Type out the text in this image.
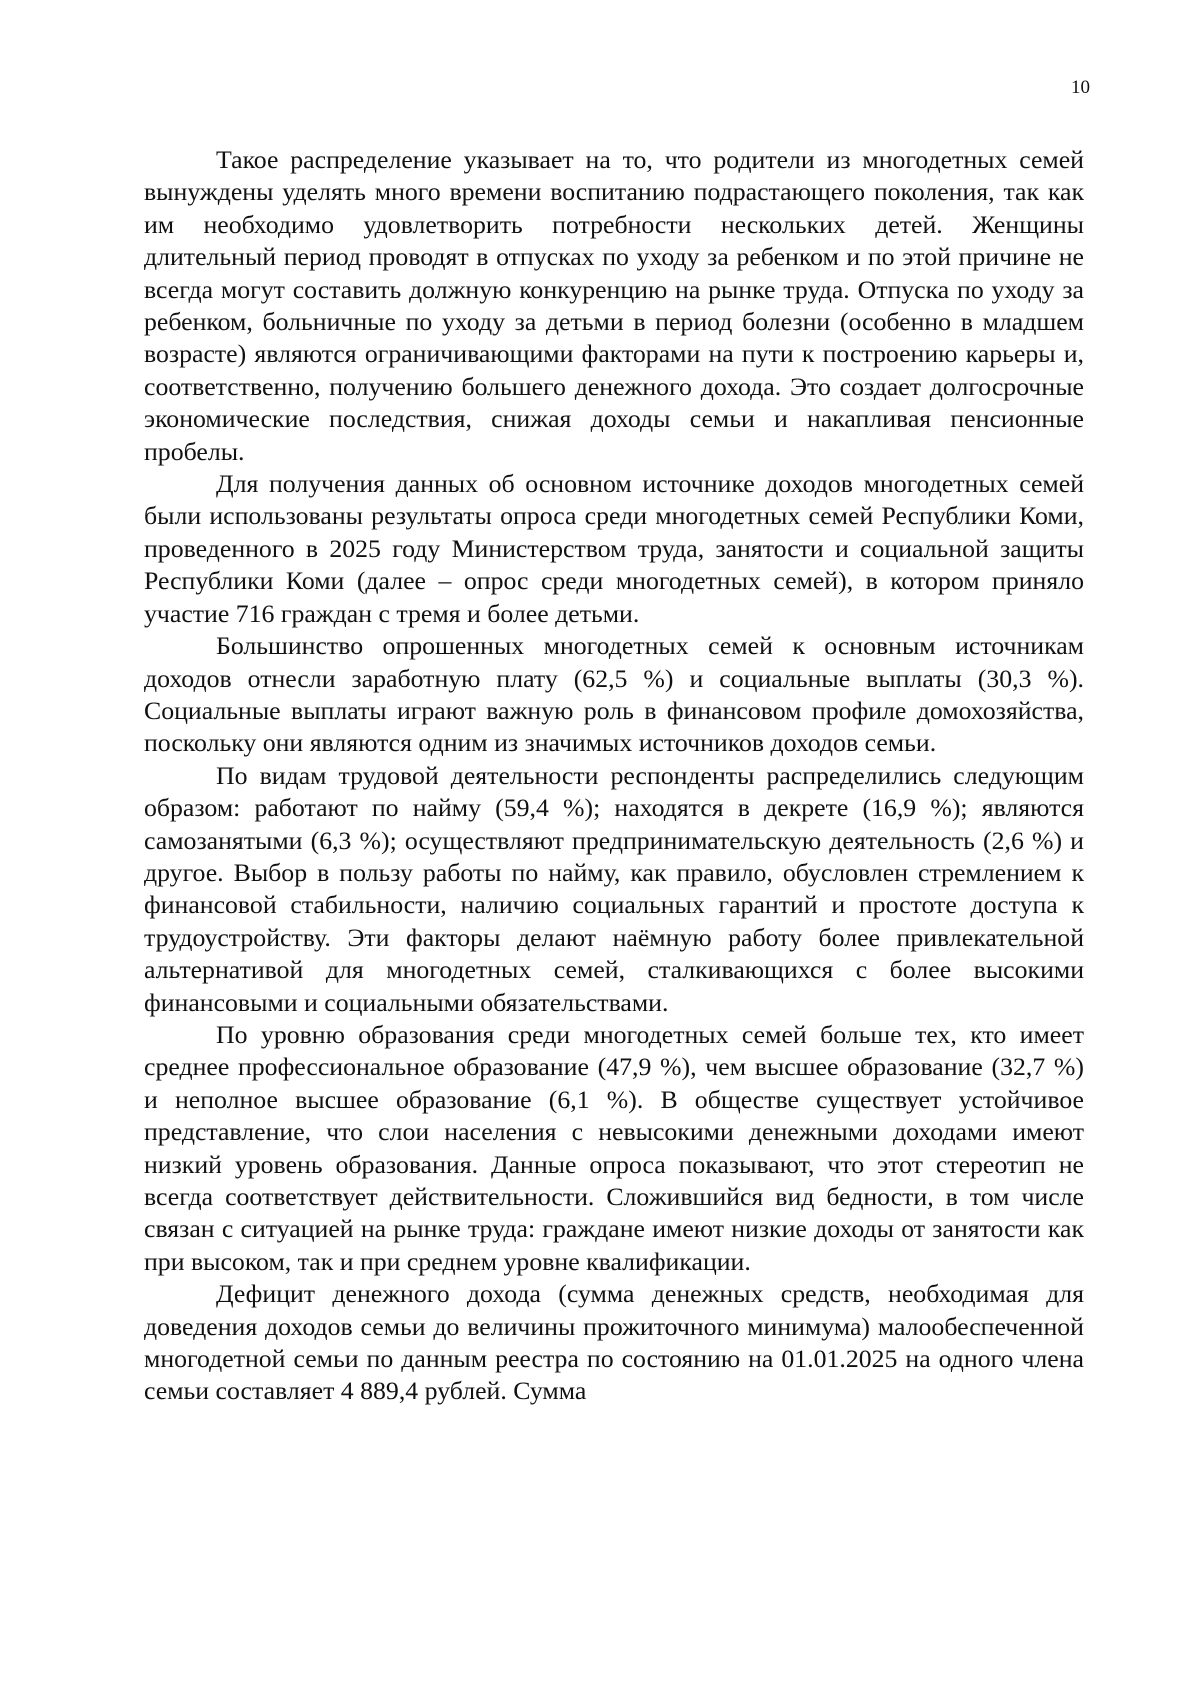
10

Такое распределение указывает на то, что родители из многодетных семей вынуждены уделять много времени воспитанию подрастающего поколения, так как им необходимо удовлетворить потребности нескольких детей. Женщины длительный период проводят в отпусках по уходу за ребенком и по этой причине не всегда могут составить должную конкуренцию на рынке труда. Отпуска по уходу за ребенком, больничные по уходу за детьми в период болезни (особенно в младшем возрасте) являются ограничивающими факторами на пути к построению карьеры и, соответственно, получению большего денежного дохода. Это создает долгосрочные экономические последствия, снижая доходы семьи и накапливая пенсионные пробелы.

Для получения данных об основном источнике доходов многодетных семей были использованы результаты опроса среди многодетных семей Республики Коми, проведенного в 2025 году Министерством труда, занятости и социальной защиты Республики Коми (далее – опрос среди многодетных семей), в котором приняло участие 716 граждан с тремя и более детьми.

Большинство опрошенных многодетных семей к основным источникам доходов отнесли заработную плату (62,5 %) и социальные выплаты (30,3 %). Социальные выплаты играют важную роль в финансовом профиле домохозяйства, поскольку они являются одним из значимых источников доходов семьи.

По видам трудовой деятельности респонденты распределились следующим образом: работают по найму (59,4 %); находятся в декрете (16,9 %); являются самозанятыми (6,3 %); осуществляют предпринимательскую деятельность (2,6 %) и другое. Выбор в пользу работы по найму, как правило, обусловлен стремлением к финансовой стабильности, наличию социальных гарантий и простоте доступа к трудоустройству. Эти факторы делают наёмную работу более привлекательной альтернативой для многодетных семей, сталкивающихся с более высокими финансовыми и социальными обязательствами.

По уровню образования среди многодетных семей больше тех, кто имеет среднее профессиональное образование (47,9 %), чем высшее образование (32,7 %) и неполное высшее образование (6,1 %). В обществе существует устойчивое представление, что слои населения с невысокими денежными доходами имеют низкий уровень образования. Данные опроса показывают, что этот стереотип не всегда соответствует действительности. Сложившийся вид бедности, в том числе связан с ситуацией на рынке труда: граждане имеют низкие доходы от занятости как при высоком, так и при среднем уровне квалификации.

Дефицит денежного дохода (сумма денежных средств, необходимая для доведения доходов семьи до величины прожиточного минимума) малообеспеченной многодетной семьи по данным реестра по состоянию на 01.01.2025 на одного члена семьи составляет 4 889,4 рублей. Сумма
